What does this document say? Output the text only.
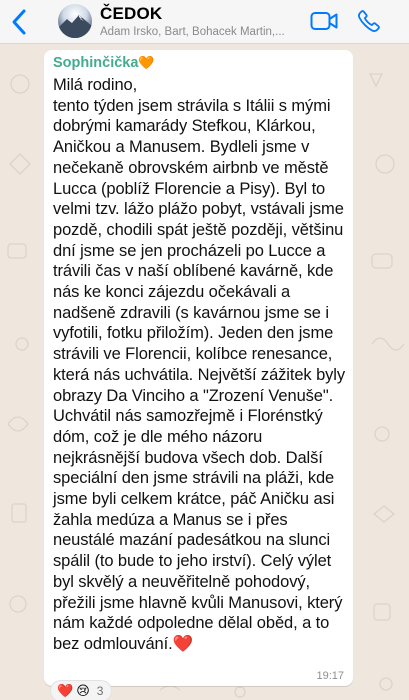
ČEDOK
Adam Irsko, Bart, Bohacek Martin,...
Sophinčička🧡
Milá rodino,
tento týden jsem strávila s Itálii s mými dobrými kamarády Stefkou, Klárkou, Aničkou a Manusem. Bydleli jsme v nečekaně obrovském airbnb ve městě Lucca (poblíž Florencie a Pisy). Byl to velmi tzv. lážo plážo pobyt, vstávali jsme pozdě, chodili spát ještě později, většinu dní jsme se jen procházeli po Lucce a trávili čas v naší oblíbené kavárně, kde nás ke konci zájezdu očekávali a nadšeně zdravili (s kavárnou jsme se i vyfotili, fotku přiložím). Jeden den jsme strávili ve Florencii, kolíbce renesance, která nás uchvátila. Největší zážitek byly obrazy Da Vinciho a "Zrození Venuše". Uchvátil nás samozřejmě i Florénstký dóm, což je dle mého názoru nejkrásnější budova všech dob. Další speciální den jsme strávili na pláži, kde jsme byli celkem krátce, páč Aničku asi žahla medúza a Manus se i přes neustálé mazání padesátkou na slunci spálil (to bude to jeho irství). Celý výlet byl skvělý a neuvěřitelně pohodový, přežili jsme hlavně kvůli Manusovi, který nám každé odpoledne dělal oběd, a to bez odmlouvání.❤️
19:17
❤️ 😢 3
